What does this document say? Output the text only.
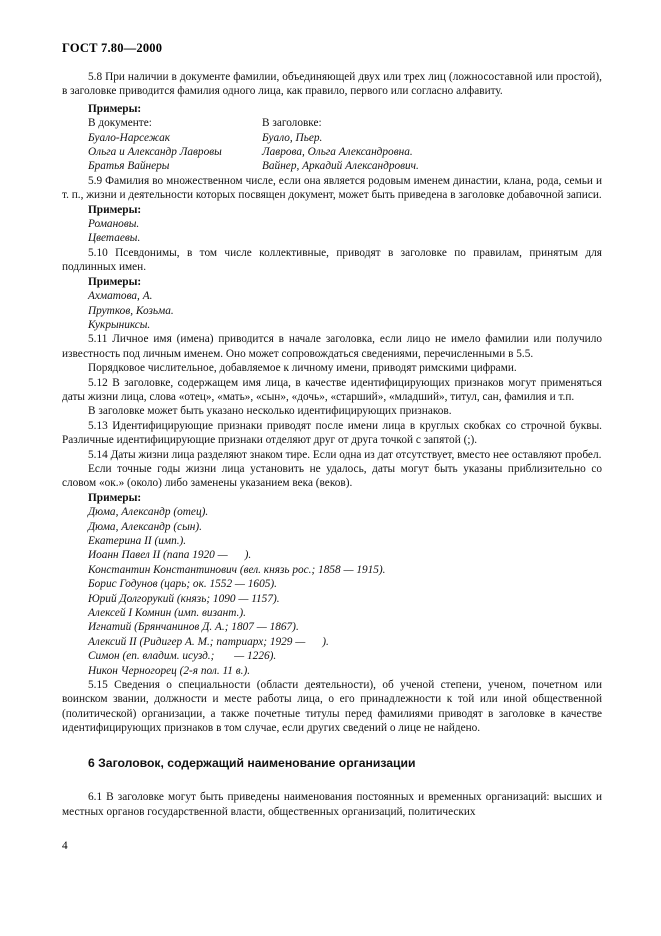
ГОСТ 7.80—2000

5.8 При наличии в документе фамилии, объединяющей двух или трех лиц (ложносоставной или простой), в заголовке приводится фамилия одного лица, как правило, первого или согласно алфавиту.

Примеры:
В документе:	В заголовке:
Буало-Нарсежак	Буало, Пьер.
Ольга и Александр Лавровы	Лаврова, Ольга Александровна.
Братья Вайнеры	Вайнер, Аркадий Александрович.

5.9 Фамилия во множественном числе, если она является родовым именем династии, клана, рода, семьи и т. п., жизни и деятельности которых посвящен документ, может быть приведена в заголовке добавочной записи.

Примеры:
Романовы.
Цветаевы.

5.10 Псевдонимы, в том числе коллективные, приводят в заголовке по правилам, принятым для подлинных имен.

Примеры:
Ахматова, А.
Прутков, Козьма.
Кукрыниксы.

5.11 Личное имя (имена) приводится в начале заголовка, если лицо не имело фамилии или получило известность под личным именем. Оно может сопровождаться сведениями, перечисленными в 5.5.

Порядковое числительное, добавляемое к личному имени, приводят римскими цифрами.

5.12 В заголовке, содержащем имя лица, в качестве идентифицирующих признаков могут применяться даты жизни лица, слова «отец», «мать», «сын», «дочь», «старший», «младший», титул, сан, фамилия и т.п.

В заголовке может быть указано несколько идентифицирующих признаков.

5.13 Идентифицирующие признаки приводят после имени лица в круглых скобках со строчной буквы. Различные идентифицирующие признаки отделяют друг от друга точкой с запятой (;).

5.14 Даты жизни лица разделяют знаком тире. Если одна из дат отсутствует, вместо нее оставляют пробел.

Если точные годы жизни лица установить не удалось, даты могут быть указаны приблизительно со словом «ок.» (около) либо заменены указанием века (веков).

Примеры:
Дюма, Александр (отец).
Дюма, Александр (сын).
Екатерина II (имп.).
Иоанн Павел II (папа 1920 —      ).
Константин Константинович (вел. князь рос.; 1858 — 1915).
Борис Годунов (царь; ок. 1552 — 1605).
Юрий Долгорукий (князь; 1090 — 1157).
Алексей I Комнин (имп. визант.).
Игнатий (Брянчанинов Д. А.; 1807 — 1867).
Алексий II (Ридигер А. М.; патриарх; 1929 —      ).
Симон (еп. владим. исузд.;       — 1226).
Никон Черногорец (2-я пол. 11 в.).

5.15 Сведения о специальности (области деятельности), об ученой степени, ученом, почетном или воинском звании, должности и месте работы лица, о его принадлежности к той или иной общественной (политической) организации, а также почетные титулы перед фамилиями приводят в заголовке в качестве идентифицирующих признаков в том случае, если других сведений о лице не найдено.

6 Заголовок, содержащий наименование организации

6.1 В заголовке могут быть приведены наименования постоянных и временных организаций: высших и местных органов государственной власти, общественных организаций, политических

4
